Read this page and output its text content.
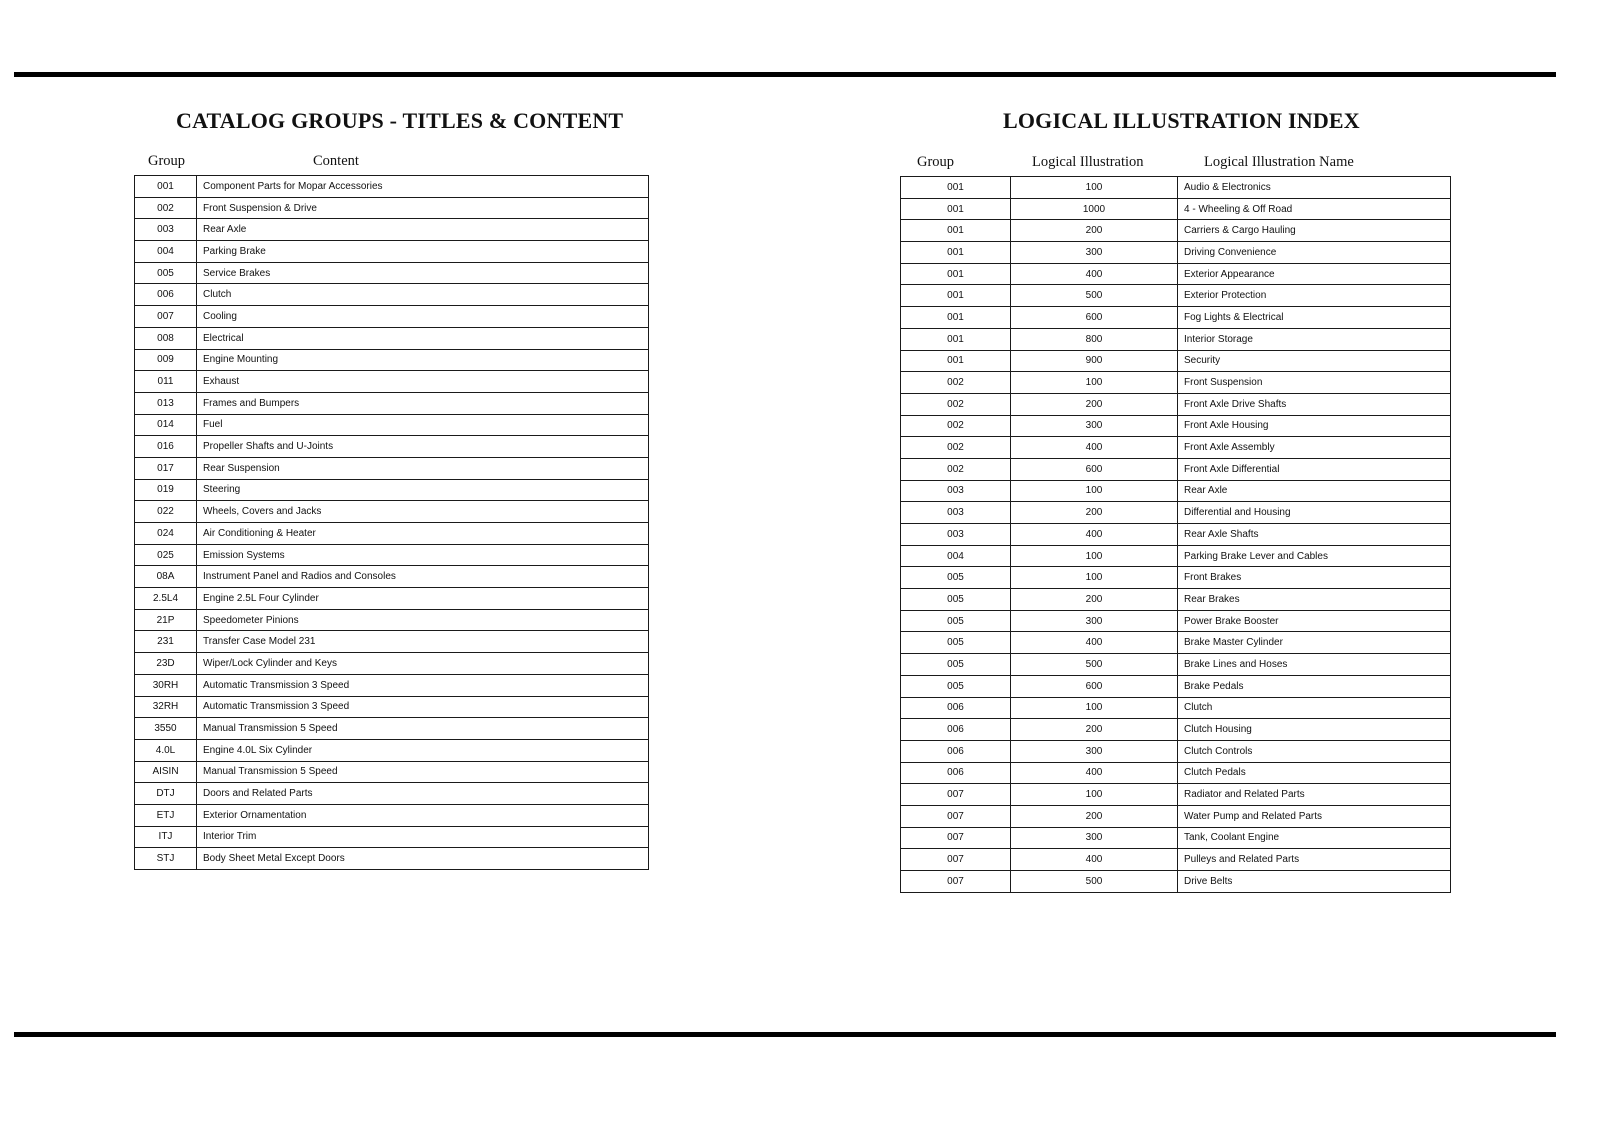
CATALOG GROUPS - TITLES & CONTENT
Group	Content
001	Component Parts for Mopar Accessories
002	Front Suspension & Drive
003	Rear Axle
004	Parking Brake
005	Service Brakes
006	Clutch
007	Cooling
008	Electrical
009	Engine Mounting
011	Exhaust
013	Frames and Bumpers
014	Fuel
016	Propeller Shafts and U-Joints
017	Rear Suspension
019	Steering
022	Wheels, Covers and Jacks
024	Air Conditioning & Heater
025	Emission Systems
08A	Instrument Panel and Radios and Consoles
2.5L4	Engine 2.5L Four Cylinder
21P	Speedometer Pinions
231	Transfer Case Model 231
23D	Wiper/Lock Cylinder and Keys
30RH	Automatic Transmission 3 Speed
32RH	Automatic Transmission 3 Speed
3550	Manual Transmission 5 Speed
4.0L	Engine 4.0L Six Cylinder
AISIN	Manual Transmission 5 Speed
DTJ	Doors and Related Parts
ETJ	Exterior Ornamentation
ITJ	Interior Trim
STJ	Body Sheet Metal Except Doors
LOGICAL ILLUSTRATION INDEX
Group	Logical Illustration	Logical Illustration Name
001	100	Audio & Electronics
001	1000	4 - Wheeling & Off Road
001	200	Carriers & Cargo Hauling
001	300	Driving Convenience
001	400	Exterior Appearance
001	500	Exterior Protection
001	600	Fog Lights & Electrical
001	800	Interior Storage
001	900	Security
002	100	Front Suspension
002	200	Front Axle Drive Shafts
002	300	Front Axle Housing
002	400	Front Axle Assembly
002	600	Front Axle Differential
003	100	Rear Axle
003	200	Differential and Housing
003	400	Rear Axle Shafts
004	100	Parking Brake Lever and Cables
005	100	Front Brakes
005	200	Rear Brakes
005	300	Power Brake Booster
005	400	Brake Master Cylinder
005	500	Brake Lines and Hoses
005	600	Brake Pedals
006	100	Clutch
006	200	Clutch Housing
006	300	Clutch Controls
006	400	Clutch Pedals
007	100	Radiator and Related Parts
007	200	Water Pump and Related Parts
007	300	Tank, Coolant Engine
007	400	Pulleys and Related Parts
007	500	Drive Belts
